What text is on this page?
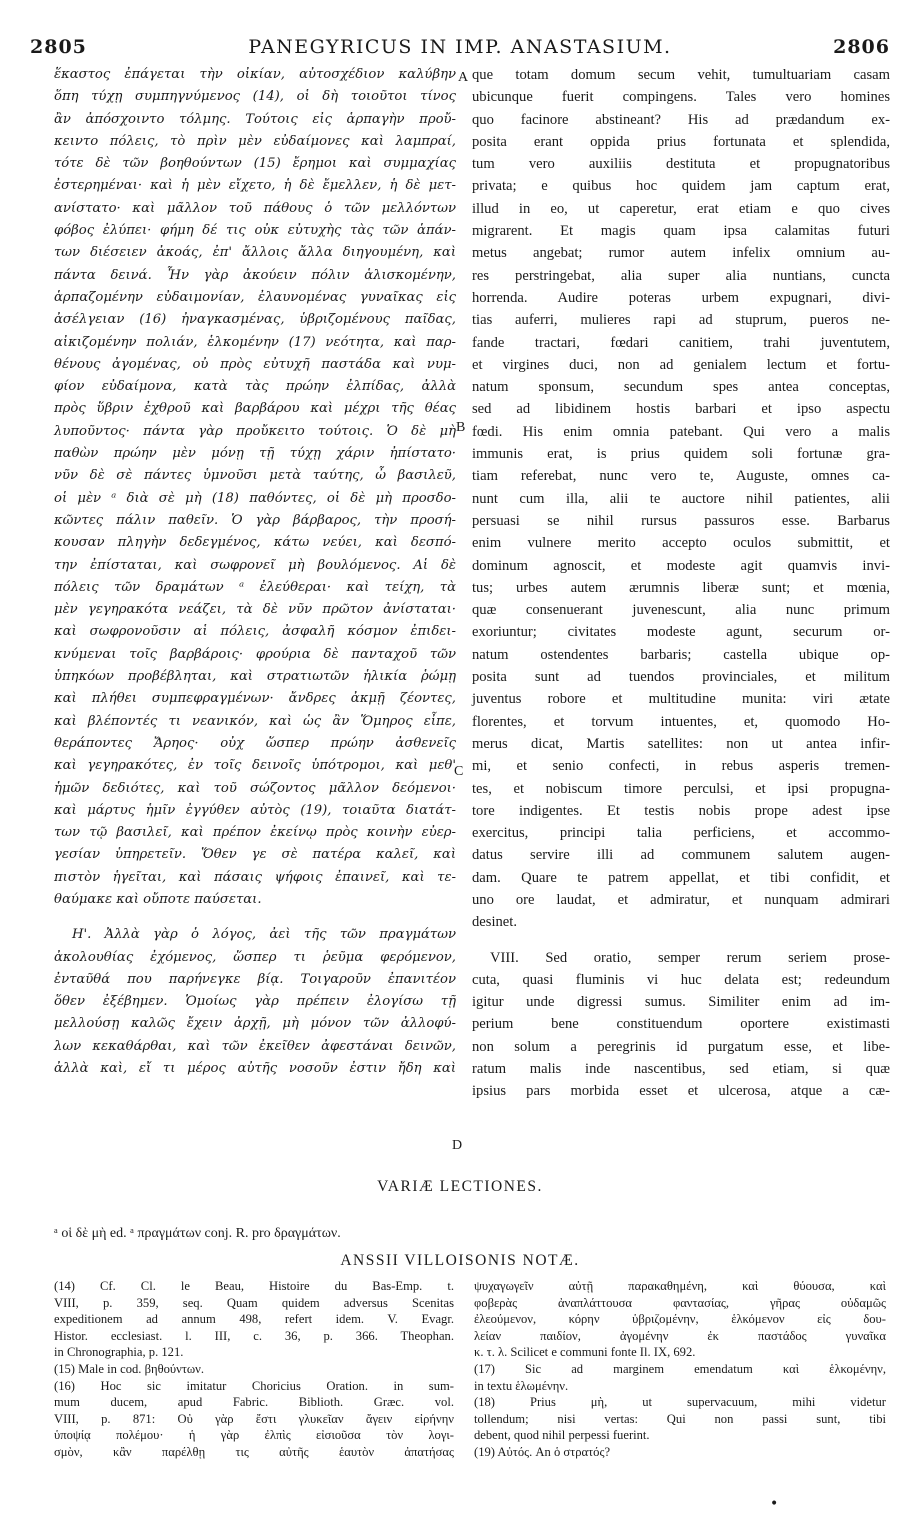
2805	PANEGYRICUS IN IMP. ANASTASIUM.	2806
ἕκαστος ἐπάγεται τὴν οἰκίαν, αὐτοσχέδιον καλύβην
ὅπη τύχῃ συμπηγνύμενος (14), οἱ δὴ τοιοῦτοι τίνος
ἂν ἀπόσχοιντο τόλμης. Τούτοις εἰς ἁρπαγὴν προὔ-
κειντο πόλεις, τὸ πρὶν μὲν εὐδαίμονες καὶ λαμπραί,
τότε δὲ τῶν βοηθούντων (15) ἔρημοι καὶ συμμαχίας
ἐστερημέναι· καὶ ἡ μὲν εἴχετο, ἡ δὲ ἔμελλεν, ἡ δὲ μετ-
ανίστατο· καὶ μᾶλλον τοῦ πάθους ὁ τῶν μελλόντων
φόβος ἐλύπει· φήμη δέ τις οὐκ εὐτυχὴς τὰς τῶν ἁπάν-
των διέσειεν ἀκοάς, ἐπ' ἄλλοις ἄλλα διηγουμένη, καὶ
πάντα δεινά. Ἦν γὰρ ἀκούειν πόλιν ἁλισκομένην,
ἁρπαζομένην εὐδαιμονίαν, ἐλαυνομένας γυναῖκας εἰς
ἀσέλγειαν (16) ἠναγκασμένας, ὑβριζομένους παῖδας,
αἰκιζομένην πολιάν, ἑλκομένην (17) νεότητα, καὶ παρ-
θένους ἀγομένας, οὐ πρὸς εὐτυχῆ παστάδα καὶ νυμ-
φίον εὐδαίμονα, κατὰ τὰς πρώην ἐλπίδας, ἀλλὰ
πρὸς ὕβριν ἐχθροῦ καὶ βαρβάρου καὶ μέχρι τῆς θέας
λυποῦντος· πάντα γὰρ προὔκειτο τούτοις. Ὁ δὲ μὴ
παθὼν πρώην μὲν μόνῃ τῇ τύχῃ χάριν ἠπίστατο·
νῦν δὲ σὲ πάντες ὑμνοῦσι μετὰ ταύτης, ὦ βασιλεῦ,
οἱ μὲν ᵃ διὰ σὲ μὴ (18) παθόντες, οἱ δὲ μὴ προσδο-
κῶντες πάλιν παθεῖν. Ὁ γὰρ βάρβαρος, τὴν προσή-
κουσαν πληγὴν δεδεγμένος, κάτω νεύει, καὶ δεσπό-
την ἐπίσταται, καὶ σωφρονεῖ μὴ βουλόμενος. Αἱ δὲ
πόλεις τῶν δραμάτων ᵃ ἐλεύθεραι· καὶ τείχη, τὰ
μὲν γεγηρακότα νεάζει, τὰ δὲ νῦν πρῶτον ἀνίσταται·
καὶ σωφρονοῦσιν αἱ πόλεις, ἀσφαλῆ κόσμον ἐπιδει-
κνύμεναι τοῖς βαρβάροις· φρούρια δὲ πανταχοῦ τῶν
ὑπηκόων προβέβληται, καὶ στρατιωτῶν ἡλικία ῥώμῃ
καὶ πλήθει συμπεφραγμένων· ἄνδρες ἀκμῇ ζέοντες,
καὶ βλέποντές τι νεανικόν, καὶ ὡς ἂν Ὅμηρος εἶπε,
θεράποντες Ἄρηος· οὐχ ὥσπερ πρώην ἀσθενεῖς
καὶ γεγηρακότες, ἐν τοῖς δεινοῖς ὑπότρομοι, καὶ μεθ'
ἡμῶν δεδιότες, καὶ τοῦ σώζοντος μᾶλλον δεόμενοι·
καὶ μάρτυς ἡμῖν ἐγγύθεν αὐτὸς (19), τοιαῦτα διατάτ-
των τῷ βασιλεῖ, καὶ πρέπον ἐκείνῳ πρὸς κοινὴν εὐερ-
γεσίαν ὑπηρετεῖν. Ὅθεν γε σὲ πατέρα καλεῖ, καὶ
πιστὸν ἡγεῖται, καὶ πάσαις ψήφοις ἐπαινεῖ, καὶ τε-
θαύμακε καὶ οὔποτε παύσεται.
Η'. Ἀλλὰ γὰρ ὁ λόγος, ἀεὶ τῆς τῶν πραγμάτων
ἀκολουθίας ἐχόμενος, ὥσπερ τι ῥεῦμα φερόμενον,
ἐνταῦθά που παρήνεγκε βίᾳ. Τοιγαροῦν ἐπανιτέον
ὅθεν ἐξέβημεν. Ὁμοίως γὰρ πρέπειν ἐλογίσω τῇ
μελλούσῃ καλῶς ἔχειν ἀρχῇ, μὴ μόνον τῶν ἀλλοφύ-
λων κεκαθάρθαι, καὶ τῶν ἐκεῖθεν ἀφεστάναι δεινῶν,
ἀλλὰ καὶ, εἴ τι μέρος αὐτῆς νοσοῦν ἐστιν ἤδη καὶ
que totam domum secum vehit, tumultuariam casam
ubicunque fuerit compingens. Tales vero homines
quo facinore abstineant? His ad prædandum ex-
posita erant oppida prius fortunata et splendida,
tum vero auxiliis destituta et propugnatoribus
privata; e quibus hoc quidem jam captum erat,
illud in eo, ut caperetur, erat etiam e quo cives
migrarent. Et magis quam ipsa calamitas futuri
metus angebat; rumor autem infelix omnium au-
res perstringebat, alia super alia nuntians, cuncta
horrenda. Audire poteras urbem expugnari, divi-
tias auferri, mulieres rapi ad stuprum, pueros ne-
fande tractari, fœdari canitiem, trahi juventutem,
et virgines duci, non ad genialem lectum et fortu-
natum sponsum, secundum spes antea conceptas,
sed ad libidinem hostis barbari et ipso aspectu
fœdi. His enim omnia patebant. Qui vero a malis
immunis erat, is prius quidem soli fortunæ gra-
tiam referebat, nunc vero te, Auguste, omnes ca-
nunt cum illa, alii te auctore nihil patientes, alii
persuasi se nihil rursus passuros esse. Barbarus
enim vulnere merito accepto oculos submittit, et
dominum agnoscit, et modeste agit quamvis invi-
tus; urbes autem ærumnis liberæ sunt; et mœnia,
quæ consenuerant juvenescunt, alia nunc primum
exoriuntur; civitates modeste agunt, securum or-
natum ostendentes barbaris; castella ubique op-
posita sunt ad tuendos provinciales, et militum
juventus robore et multitudine munita: viri ætate
florentes, et torvum intuentes, et, quomodo Ho-
merus dicat, Martis satellites: non ut antea infir-
mi, et senio confecti, in rebus asperis tremen-
tes, et nobiscum timore perculsi, et ipsi propugna-
tore indigentes. Et testis nobis prope adest ipse
exercitus, principi talia perficiens, et accommo-
datus servire illi ad communem salutem augen-
dam. Quare te patrem appellat, et tibi confidit, et
uno ore laudat, et admiratur, et nunquam admirari
desinet.
VIII. Sed oratio, semper rerum seriem prose-
cuta, quasi fluminis vi huc delata est; redeundum
igitur unde digressi sumus. Similiter enim ad im-
perium bene constituendum oportere existimasti
non solum a peregrinis id purgatum esse, et libe-
ratum malis inde nascentibus, sed etiam, si quæ
ipsius pars morbida esset et ulcerosa, atque a cæ-
A
B
C
D
VARIÆ LECTIONES.
ᵃ οἱ δὲ μὴ ed. ᵃ πραγμάτων conj. R. pro δραγμάτων.
ANSSII VILLOISONIS NOTÆ.
(14) Cf. Cl. le Beau, Histoire du Bas-Emp. t.
VIII, p. 359, seq. Quam quidem adversus Scenitas
expeditionem ad annum 498, refert idem. V. Evagr.
Histor. ecclesiast. l. III, c. 36, p. 366. Theophan.
in Chronographia, p. 121.
(15) Male in cod. βηθούντων.
(16) Hoc sic imitatur Choricius Oration. in sum-
mum ducem, apud Fabric. Biblioth. Græc. vol.
VIII, p. 871: Οὐ γὰρ ἔστι γλυκεῖαν ἄγειν εἰρήνην
ὑποψίᾳ πολέμου· ἡ γὰρ ἐλπὶς εἰσιοῦσα τὸν λογι-
σμὸν, κἂν παρέλθῃ τις αὐτῆς ἑαυτὸν ἀπατήσας
ψυχαγωγεῖν αὐτῇ παρακαθημένη, καὶ θύουσα, καὶ
φοβερὰς ἀναπλάττουσα φαντασίας, γῆρας οὐδαμῶς
ἐλεούμενον, κόρην ὑβριζομένην, ἑλκόμενον εἰς δου-
λείαν παιδίον, ἀγομένην ἐκ παστάδος γυναῖκα
κ. τ. λ. Scilicet e communi fonte Il. IX, 692.
(17) Sic ad marginem emendatum καὶ ἑλκομένην,
in textu ἑλωμένην.
(18) Prius μὴ, ut supervacuum, mihi videtur
tollendum; nisi vertas: Qui non passi sunt, tibi
debent, quod nihil perpessi fuerint.
(19) Αὐτός. An ὁ στρατός?
•
